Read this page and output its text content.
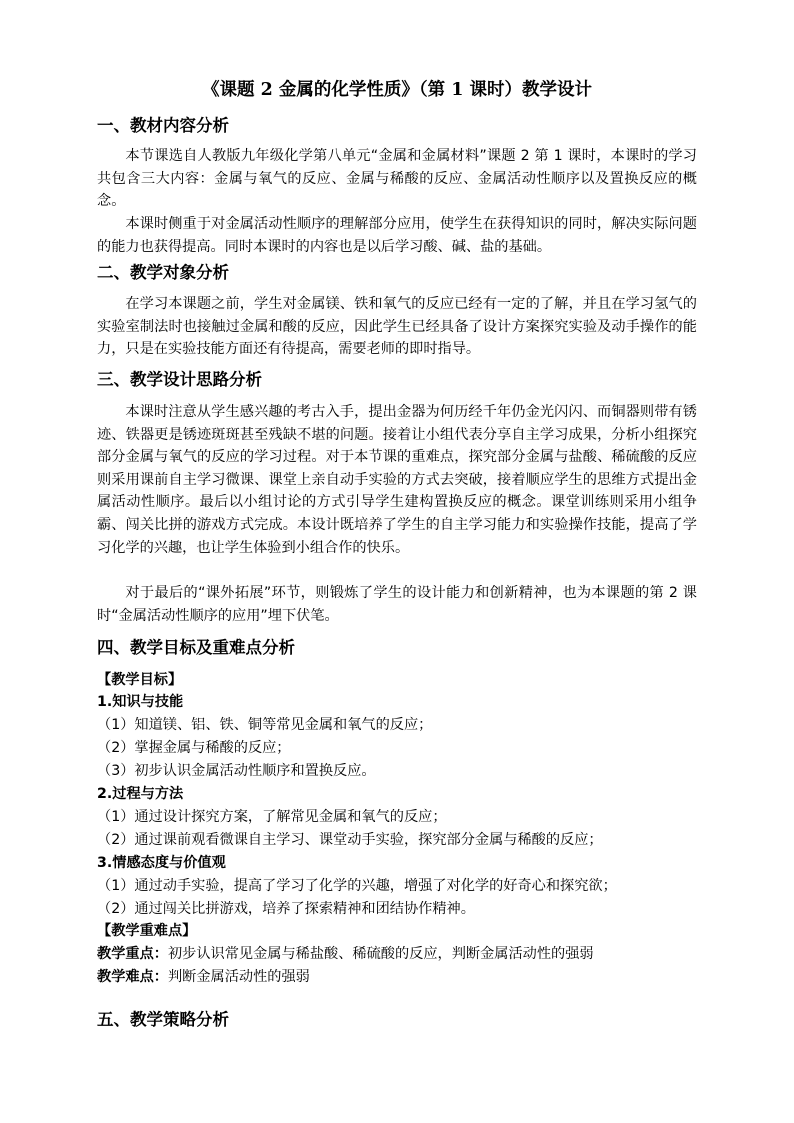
《课题 2 金属的化学性质》（第 1 课时）教学设计
一、教材内容分析

本节课选自人教版九年级化学第八单元“金属和金属材料”课题 2 第 1 课时，本课时的学习共包含三大内容：金属与氧气的反应、金属与稀酸的反应、金属活动性顺序以及置换反应的概念。

本课时侧重于对金属活动性顺序的理解部分应用，使学生在获得知识的同时，解决实际问题的能力也获得提高。同时本课时的内容也是以后学习酸、碱、盐的基础。

二、教学对象分析

在学习本课题之前，学生对金属镁、铁和氧气的反应已经有一定的了解，并且在学习氢气的实验室制法时也接触过金属和酸的反应，因此学生已经具备了设计方案探究实验及动手操作的能力，只是在实验技能方面还有待提高，需要老师的即时指导。

三、教学设计思路分析

本课时注意从学生感兴趣的考古入手，提出金器为何历经千年仍金光闪闪、而铜器则带有锈迹、铁器更是锈迹斑斑甚至残缺不堪的问题。接着让小组代表分享自主学习成果，分析小组探究部分金属与氧气的反应的学习过程。对于本节课的重难点，探究部分金属与盐酸、稀硫酸的反应则采用课前自主学习微课、课堂上亲自动手实验的方式去突破，接着顺应学生的思维方式提出金属活动性顺序。最后以小组讨论的方式引导学生建构置换反应的概念。课堂训练则采用小组争霸、闯关比拼的游戏方式完成。本设计既培养了学生的自主学习能力和实验操作技能，提高了学习化学的兴趣，也让学生体验到小组合作的快乐。

对于最后的“课外拓展”环节，则锻炼了学生的设计能力和创新精神，也为本课题的第 2 课时“金属活动性顺序的应用”埋下伏笔。

四、教学目标及重难点分析
【教学目标】
1.知识与技能
（1）知道镁、铝、铁、铜等常见金属和氧气的反应；
（2）掌握金属与稀酸的反应；
（3）初步认识金属活动性顺序和置换反应。
2.过程与方法
（1）通过设计探究方案，了解常见金属和氧气的反应；
（2）通过课前观看微课自主学习、课堂动手实验，探究部分金属与稀酸的反应；
3.情感态度与价值观
（1）通过动手实验，提高了学习了化学的兴趣，增强了对化学的好奇心和探究欲；
（2）通过闯关比拼游戏，培养了探索精神和团结协作精神。
【教学重难点】
教学重点：初步认识常见金属与稀盐酸、稀硫酸的反应，判断金属活动性的强弱
教学难点：判断金属活动性的强弱
五、教学策略分析
